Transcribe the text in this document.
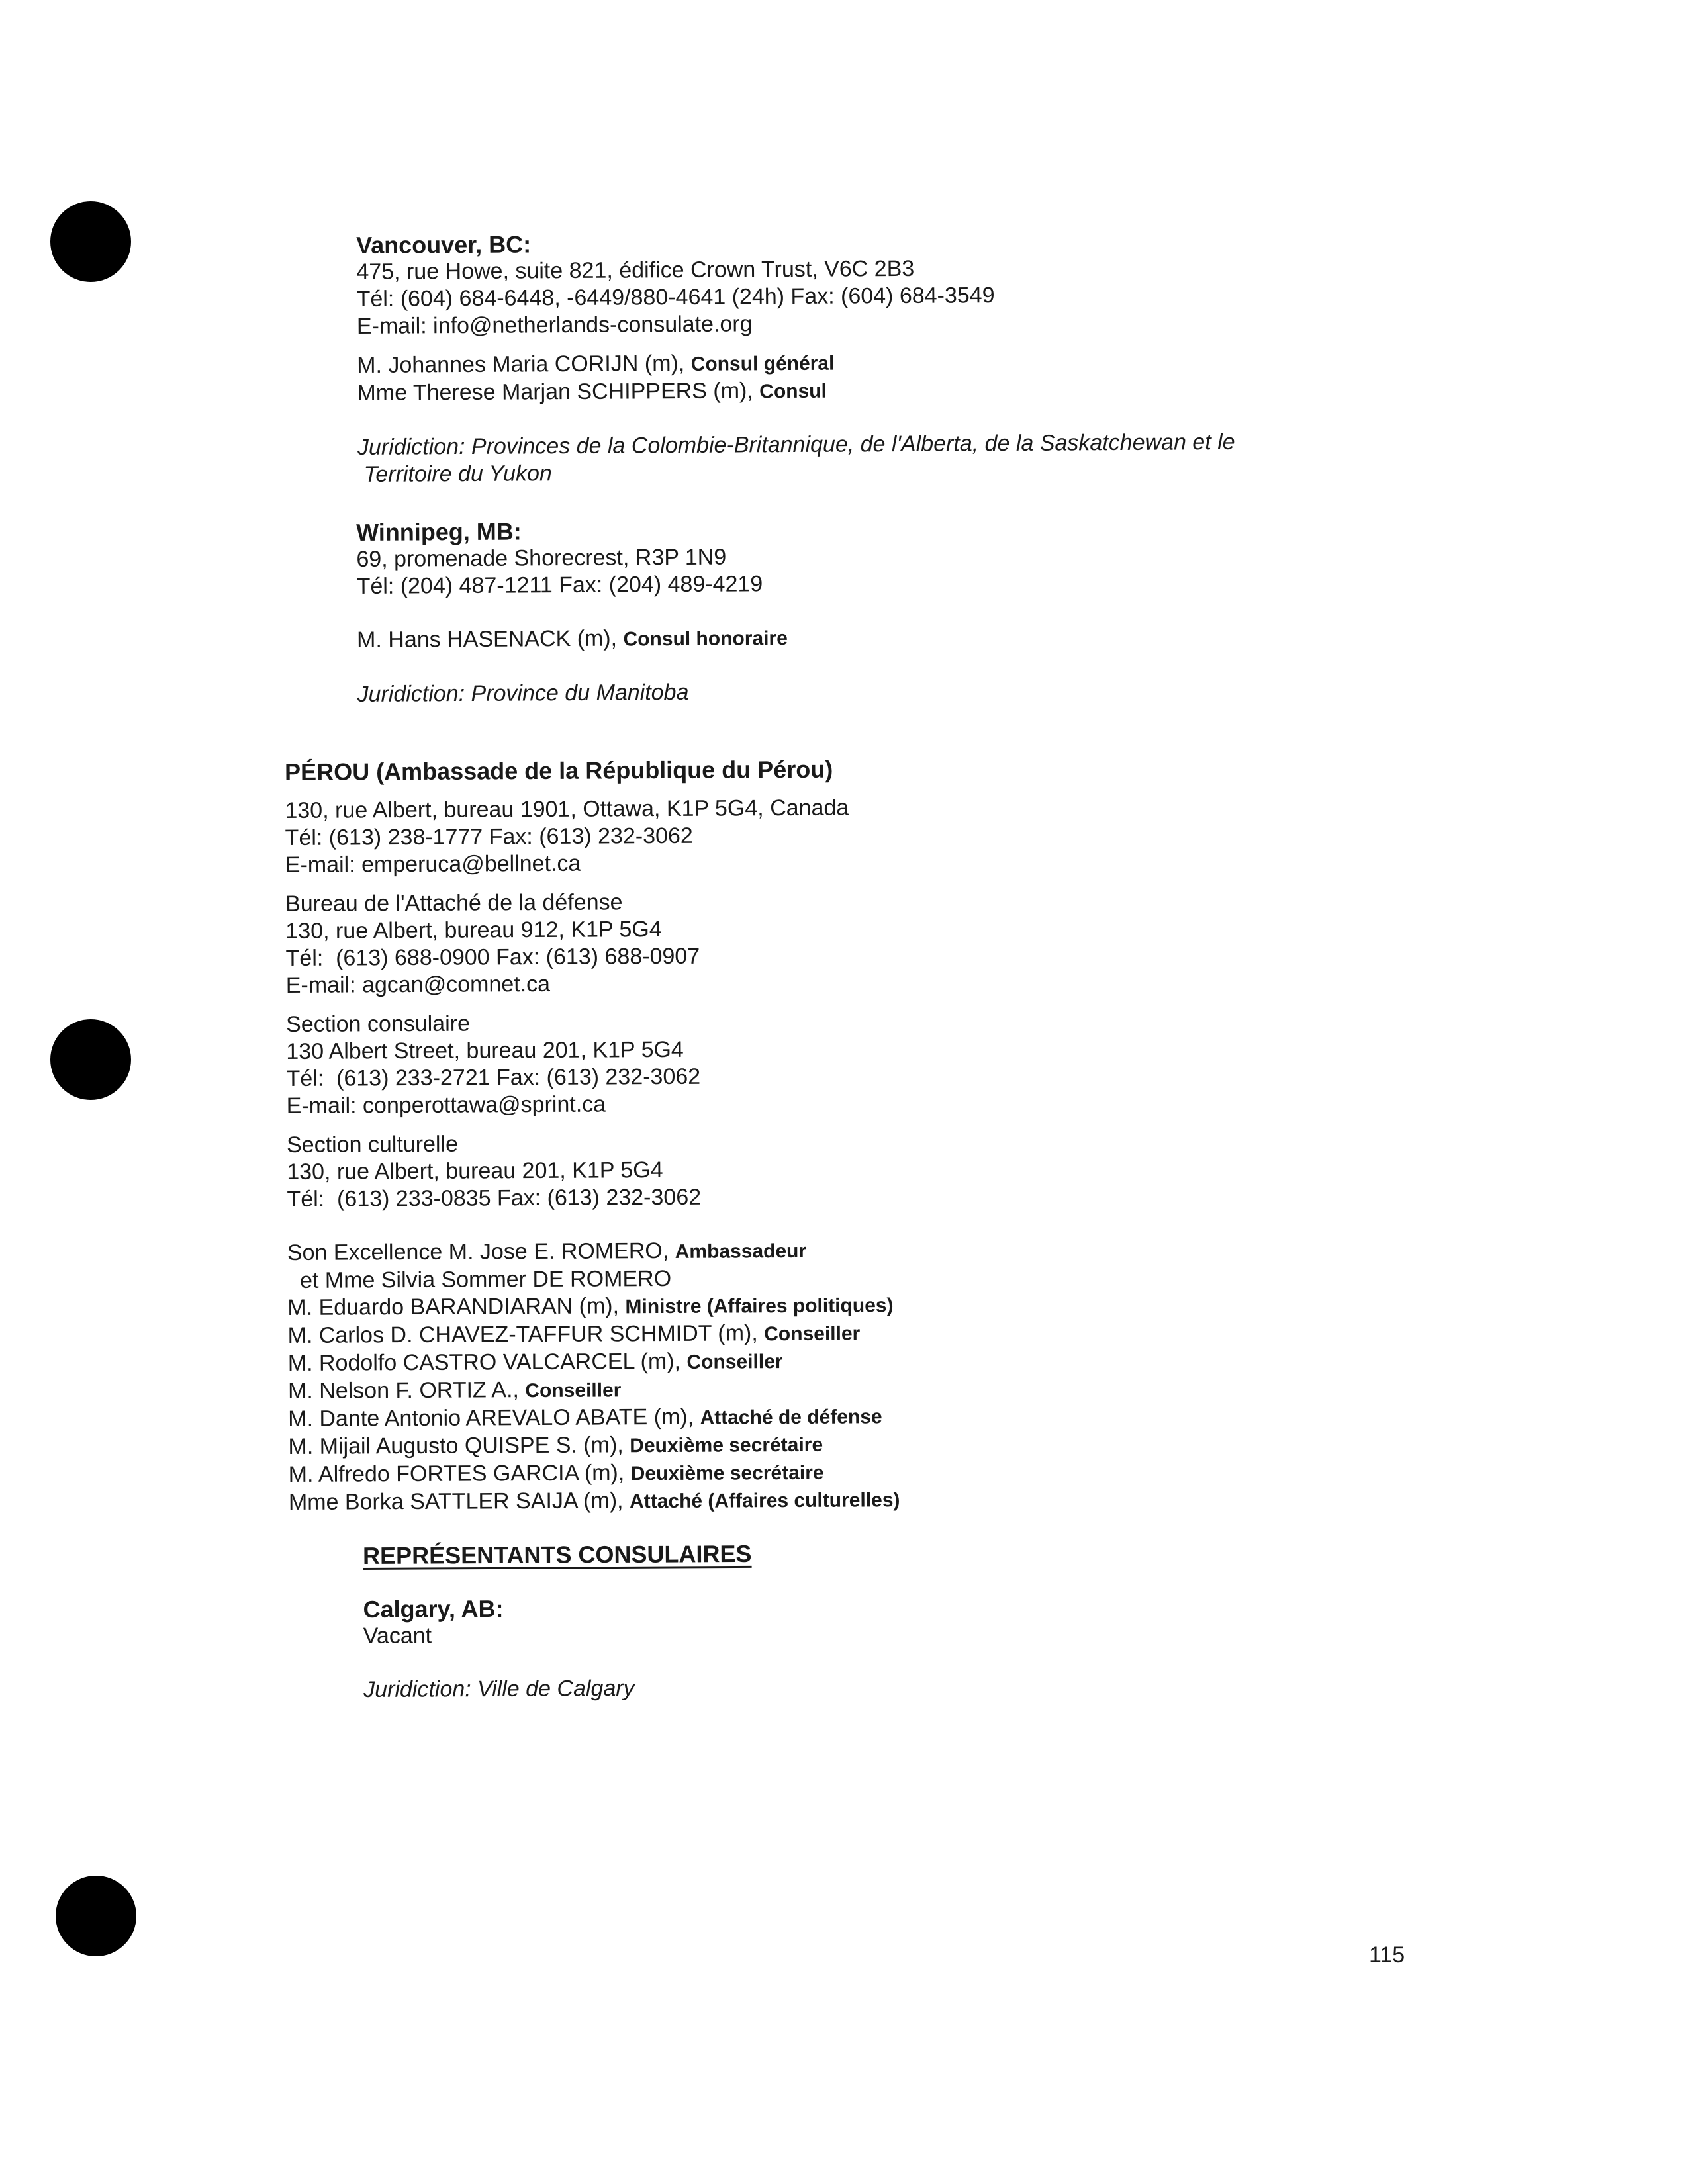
Vancouver, BC:
475, rue Howe, suite 821, édifice Crown Trust, V6C 2B3
Tél: (604) 684-6448, -6449/880-4641 (24h) Fax: (604) 684-3549
E-mail: info@netherlands-consulate.org
M. Johannes Maria CORIJN (m), Consul général
Mme Therese Marjan SCHIPPERS (m), Consul
Juridiction: Provinces de la Colombie-Britannique, de l'Alberta, de la Saskatchewan et le
Territoire du Yukon
Winnipeg, MB:
69, promenade Shorecrest, R3P 1N9
Tél: (204) 487-1211 Fax: (204) 489-4219
M. Hans HASENACK (m), Consul honoraire
Juridiction: Province du Manitoba
PÉROU (Ambassade de la République du Pérou)
130, rue Albert, bureau 1901, Ottawa, K1P 5G4, Canada
Tél: (613) 238-1777 Fax: (613) 232-3062
E-mail: emperuca@bellnet.ca
Bureau de l'Attaché de la défense
130, rue Albert, bureau 912, K1P 5G4
Tél:  (613) 688-0900 Fax: (613) 688-0907
E-mail: agcan@comnet.ca
Section consulaire
130 Albert Street, bureau 201, K1P 5G4
Tél:  (613) 233-2721 Fax: (613) 232-3062
E-mail: conperottawa@sprint.ca
Section culturelle
130, rue Albert, bureau 201, K1P 5G4
Tél:  (613) 233-0835 Fax: (613) 232-3062
Son Excellence M. Jose E. ROMERO, Ambassadeur
et Mme Silvia Sommer DE ROMERO
M. Eduardo BARANDIARAN (m), Ministre (Affaires politiques)
M. Carlos D. CHAVEZ-TAFFUR SCHMIDT (m), Conseiller
M. Rodolfo CASTRO VALCARCEL (m), Conseiller
M. Nelson F. ORTIZ A., Conseiller
M. Dante Antonio AREVALO ABATE (m), Attaché de défense
M. Mijail Augusto QUISPE S. (m), Deuxième secrétaire
M. Alfredo FORTES GARCIA (m), Deuxième secrétaire
Mme Borka SATTLER SAIJA (m), Attaché (Affaires culturelles)
REPRÉSENTANTS CONSULAIRES
Calgary, AB:
Vacant
Juridiction: Ville de Calgary
115
